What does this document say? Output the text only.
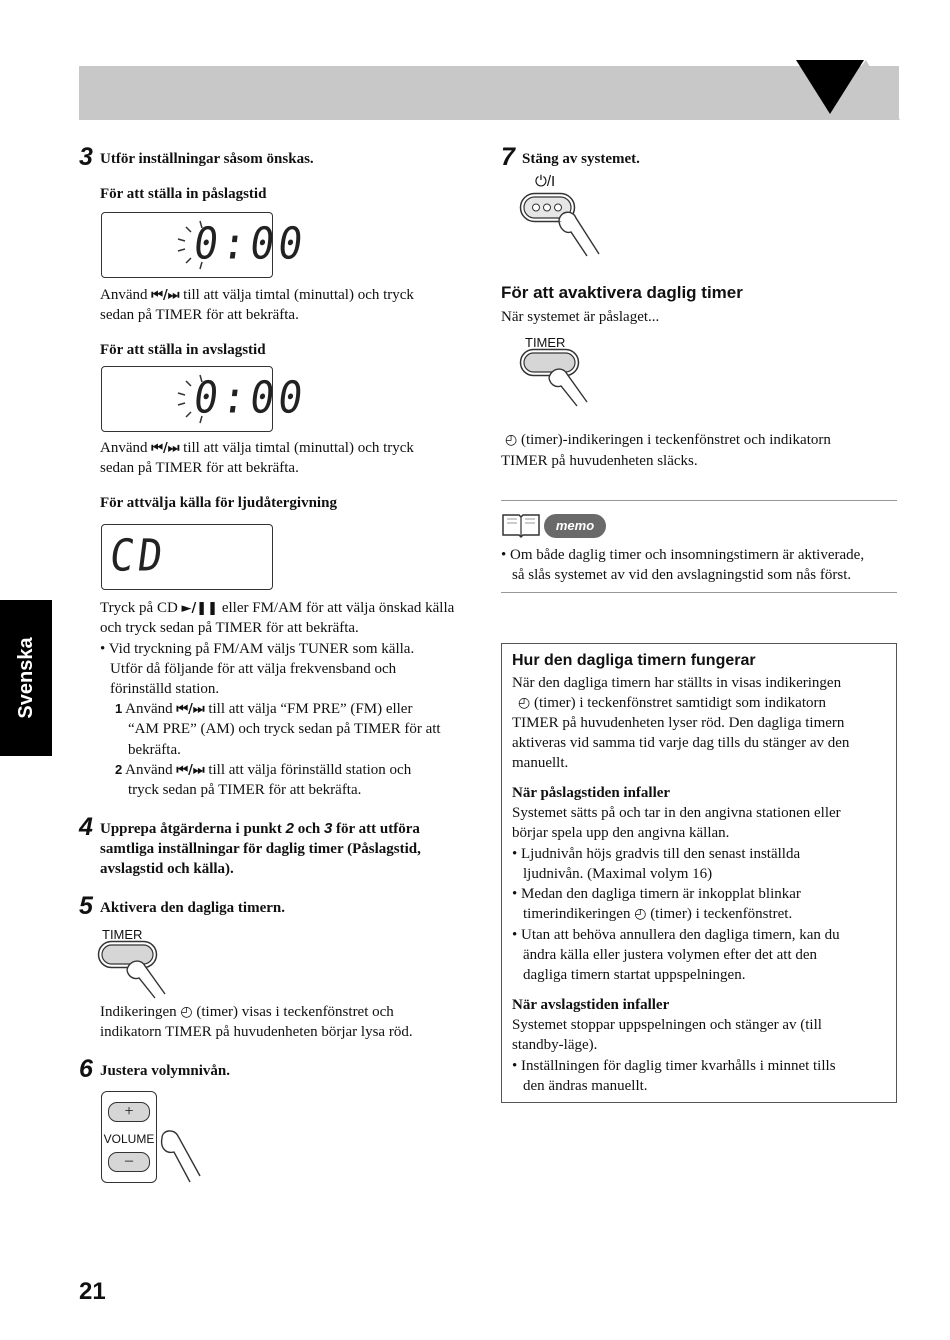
Svenska
3 Utför inställningar såsom önskas.
För att ställa in påslagstid
0:00
Använd ⏮/⏭ till att välja timtal (minuttal) och tryck
sedan på TIMER för att bekräfta.
För att ställa in avslagstid
0:00
Använd ⏮/⏭ till att välja timtal (minuttal) och tryck
sedan på TIMER för att bekräfta.
För attvälja källa för ljudåtergivning
CD
Tryck på CD ►/❚❚ eller FM/AM för att välja önskad källa
och tryck sedan på TIMER för att bekräfta.
• Vid tryckning på FM/AM väljs TUNER som källa.
Utför då följande för att välja frekvensband och
förinställd station.
1 Använd ⏮/⏭ till att välja “FM PRE” (FM) eller
“AM PRE” (AM) och tryck sedan på TIMER för att
bekräfta.
2 Använd ⏮/⏭ till att välja förinställd station och
tryck sedan på TIMER för att bekräfta.
4 Upprepa åtgärderna i punkt 2 och 3 för att utföra
samtliga inställningar för daglig timer (Påslagstid,
avslagstid och källa).
5 Aktivera den dagliga timern.
TIMER
Indikeringen ◴ (timer) visas i teckenfönstret och
indikatorn TIMER på huvudenheten börjar lysa röd.
6 Justera volymnivån.
+
VOLUME
–
7 Stäng av systemet.
⏻/I
För att avaktivera daglig timer
När systemet är påslaget...
TIMER
◴ (timer)-indikeringen i teckenfönstret och indikatorn
TIMER på huvudenheten släcks.
memo
• Om både daglig timer och insomningstimern är aktiverade,
så slås systemet av vid den avslagningstid som nås först.
Hur den dagliga timern fungerar
När den dagliga timern har ställts in visas indikeringen
◴ (timer) i teckenfönstret samtidigt som indikatorn
TIMER på huvudenheten lyser röd. Den dagliga timern
aktiveras vid samma tid varje dag tills du stänger av den
manuellt.
När påslagstiden infaller
Systemet sätts på och tar in den angivna stationen eller
börjar spela upp den angivna källan.
• Ljudnivån höjs gradvis till den senast inställda
ljudnivån. (Maximal volym 16)
• Medan den dagliga timern är inkopplat blinkar
timerindikeringen ◴ (timer) i teckenfönstret.
• Utan att behöva annullera den dagliga timern, kan du
ändra källa eller justera volymen efter det att den
dagliga timern startat uppspelningen.
När avslagstiden infaller
Systemet stoppar uppspelningen och stänger av (till
standby-läge).
• Inställningen för daglig timer kvarhålls i minnet tills
den ändras manuellt.
21
